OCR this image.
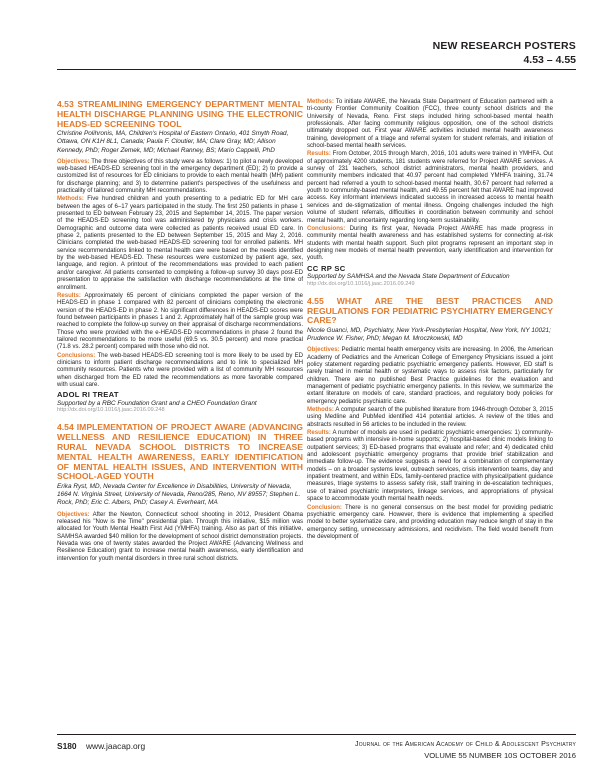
NEW RESEARCH POSTERS
4.53 – 4.55

4.53 STREAMLINING EMERGENCY DEPARTMENT MENTAL HEALTH DISCHARGE PLANNING USING THE ELECTRONIC HEADS-ED SCREENING TOOL

Christine Polihronis, MA, Children's Hospital of Eastern Ontario, 401 Smyth Road, Ottawa, ON K1H 8L1, Canada; Paula F. Cloutier, MA; Clare Gray, MD; Allison Kennedy, PhD; Roger Zemek, MD; Michael Ranney, BS; Mario Cappelli, PhD

Objectives: The three objectives of this study were as follows: 1) to pilot a newly developed web-based HEADS-ED screening tool in the emergency department (ED); 2) to provide a customized list of resources for ED clinicians to provide to each mental health (MH) patient for discharge planning; and 3) to determine patient's perspectives of the usefulness and practicality of tailored community MH recommendations.

Methods: Five hundred children and youth presenting to a pediatric ED for MH care between the ages of 6–17 years participated in the study. The first 250 patients in phase 1 presented to ED between February 23, 2015 and September 14, 2015. The paper version of the HEADS-ED screening tool was administered by physicians and crisis workers. Demographic and outcome data were collected as patients received usual ED care. In phase 2, patients presented to the ED between September 15, 2015 and May 2, 2016. Clinicians completed the web-based HEADS-ED screening tool for enrolled patients. MH service recommendations linked to mental health care were based on the needs identified by the web-based HEADS-ED. These resources were customized by patient age, sex, language, and region. A printout of the recommendations was provided to each patient and/or caregiver. All patients consented to completing a follow-up survey 30 days post-ED presentation to appraise the satisfaction with discharge recommendations at the time of enrollment.

Results: Approximately 65 percent of clinicians completed the paper version of the HEADS-ED in phase 1 compared with 82 percent of clinicians completing the electronic version of the HEADS-ED in phase 2. No significant differences in HEADS-ED scores were found between participants in phases 1 and 2. Approximately half of the sample group was reached to complete the follow-up survey on their appraisal of discharge recommendations. Those who were provided with the e-HEADS-ED recommendations in phase 2 found the tailored recommendations to be more useful (69.5 vs. 30.5 percent) and more practical (71.8 vs. 28.2 percent) compared with those who did not.

Conclusions: The web-based HEADS-ED screening tool is more likely to be used by ED clinicians to inform patient discharge recommendations and to link to specialized MH community resources. Patients who were provided with a list of community MH resources when discharged from the ED rated the recommendations as more favorable compared with usual care.

ADOL RI TREAT

Supported by a RBC Foundation Grant and a CHEO Foundation Grant

http://dx.doi.org/10.1016/j.jaac.2016.09.248

4.54 IMPLEMENTATION OF PROJECT AWARE (ADVANCING WELLNESS AND RESILIENCE EDUCATION) IN THREE RURAL NEVADA SCHOOL DISTRICTS TO INCREASE MENTAL HEALTH AWARENESS, EARLY IDENTIFICATION OF MENTAL HEALTH ISSUES, AND INTERVENTION WITH SCHOOL-AGED YOUTH

Erika Ryst, MD, Nevada Center for Excellence in Disabilities, University of Nevada, 1664 N. Virginia Street, University of Nevada, Reno/285, Reno, NV 89557; Stephen L. Rock, PhD; Eric C. Albers, PhD; Casey A. Everheart, MA

Objectives: After the Newton, Connecticut school shooting in 2012, President Obama released his "Now is the Time" presidential plan. Through this initiative, $15 million was allocated for Youth Mental Health First Aid (YMHFA) training. Also as part of this initiative, SAMHSA awarded $40 million for the development of school district demonstration projects. Nevada was one of twenty states awarded the Project AWARE (Advancing Wellness and Resilience Education) grant to increase mental health awareness, early identification and intervention for youth mental disorders in three rural school districts.

Methods: To initiate AWARE, the Nevada State Department of Education partnered with a tri-county Frontier Community Coalition (FCC), three county school districts and the University of Nevada, Reno. First steps included hiring school-based mental health professionals. After facing community religious opposition, one of the school districts ultimately dropped out. First year AWARE activities included mental health awareness training, development of a triage and referral system for student referrals, and initiation of school-based mental health services.

Results: From October, 2015 through March, 2016, 101 adults were trained in YMHFA. Out of approximately 4200 students, 181 students were referred for Project AWARE services. A survey of 231 teachers, school district administrators, mental health providers, and community members indicated that 40.97 percent had completed YMHFA training, 31.74 percent had referred a youth to school-based mental health, 30.67 percent had referred a youth to community-based mental health, and 49.55 percent felt that AWARE had improved access. Key informant interviews indicated success in increased access to mental health services and de-stigmatization of mental illness. Ongoing challenges included the high volume of student referrals, difficulties in coordination between community and school mental health, and uncertainty regarding long-term sustainability.

Conclusions: During its first year, Nevada Project AWARE has made progress in community mental health awareness and has established systems for connecting at-risk students with mental health support. Such pilot programs represent an important step in designing new models of mental health prevention, early identification and intervention for youth.

CC RP SC

Supported by SAMHSA and the Nevada State Department of Education

http://dx.doi.org/10.1016/j.jaac.2016.09.249

4.55 WHAT ARE THE BEST PRACTICES AND REGULATIONS FOR PEDIATRIC PSYCHIATRY EMERGENCY CARE?

Nicole Guanci, MD, Psychiatry, New York-Presbyterian Hospital, New York, NY 10021; Prudence W. Fisher, PhD; Megan M. Mroczkowski, MD

Objectives: Pediatric mental health emergency visits are increasing. In 2006, the American Academy of Pediatrics and the American College of Emergency Physicians issued a joint policy statement regarding pediatric psychiatric emergency patients. However, ED staff is rarely trained in mental health or systematic ways to assess risk factors, particularly for children. There are no published Best Practice guidelines for the evaluation and management of pediatric psychiatric emergency patients. In this review, we summarize the extant literature on models of care, standard practices, and regulatory body policies for emergency pediatric psychiatric care.

Methods: A computer search of the published literature from 1946-through October 3, 2015 using Medline and PubMed identified 414 potential articles. A review of the titles and abstracts resulted in 56 articles to be included in the review.

Results: A number of models are used in pediatric psychiatric emergencies: 1) community-based programs with intensive in-home supports; 2) hospital-based clinic models linking to outpatient services; 3) ED-based programs that evaluate and refer; and 4) dedicated child and adolescent psychiatric emergency programs that provide brief stabilization and immediate follow-up. The evidence suggests a need for a combination of complementary models – on a broader systems level, outreach services, crisis intervention teams, day and inpatient treatment, and within EDs, family-centered practice with physical/patient guidance measures, triage systems to assess safety risk, staff training in de-escalation techniques, use of trained psychiatric interpreters, linkage services, and appropriations of physical space to accommodate youth mental health needs.

Conclusion: There is no general consensus on the best model for providing pediatric psychiatric emergency care. However, there is evidence that implementing a specified model to better systematize care, and providing education may reduce length of stay in the emergency setting, unnecessary admissions, and recidivism. The field would benefit from the development of

S180 www.jaacap.org	Journal of the American Academy of Child & Adolescent Psychiatry
VOLUME 55 NUMBER 10S OCTOBER 2016
